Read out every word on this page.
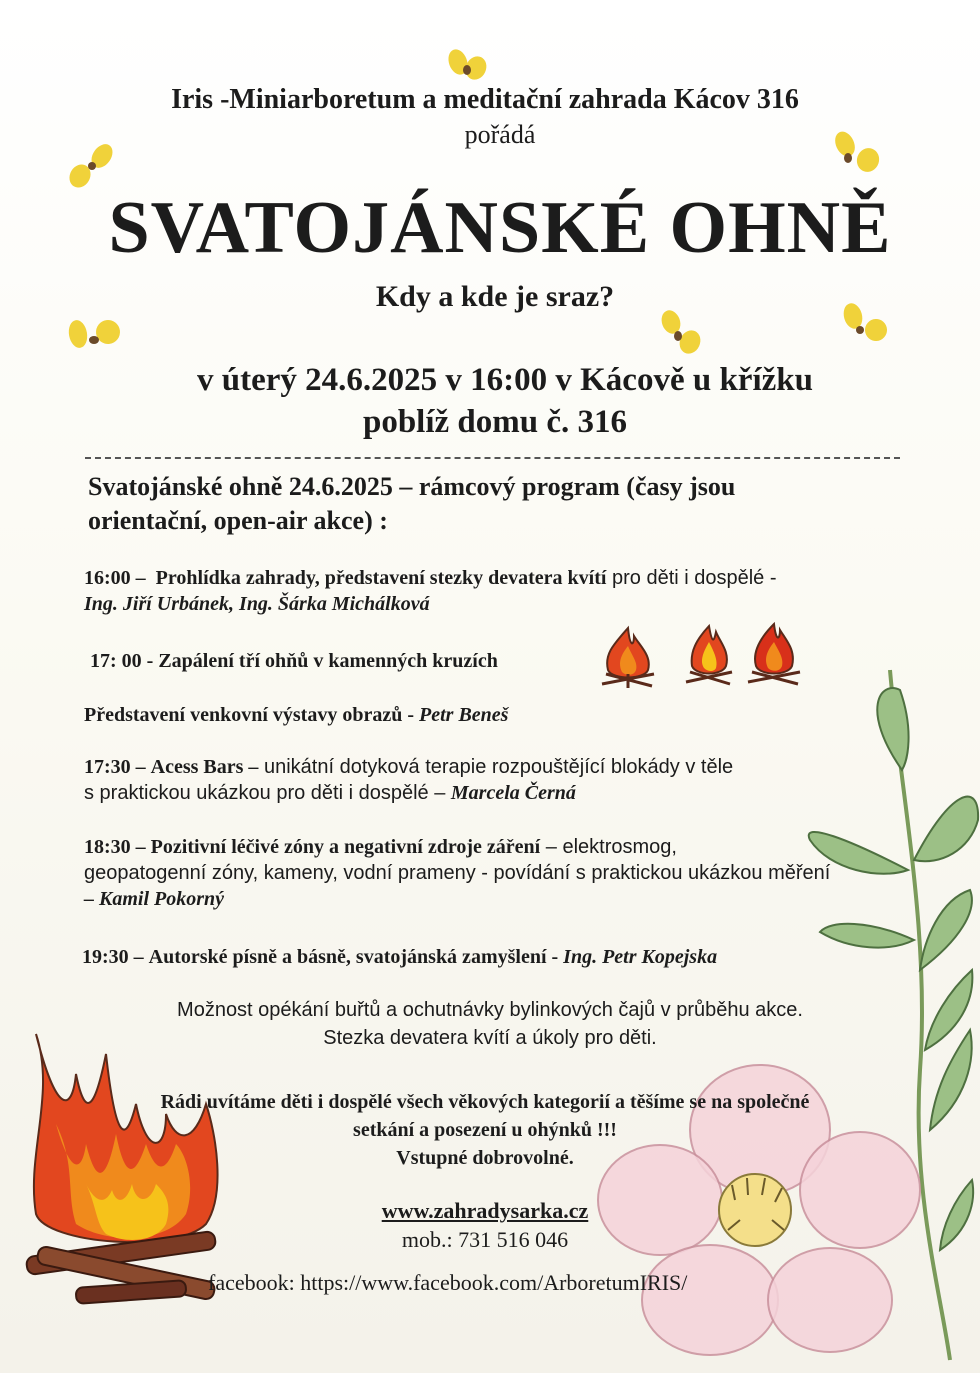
Iris -Miniarboretum a meditační zahrada Kácov 316
pořádá
SVATOJÁNSKÉ OHNĚ
Kdy a kde je sraz?
v úterý 24.6.2025 v 16:00 v Kácově u křížku
poblíž domu č. 316
Svatojánské ohně 24.6.2025 – rámcový program (časy jsou
orientační, open-air akce) :
16:00 – Prohlídka zahrady, představení stezky devatera kvítí pro děti i dospělé -
Ing. Jiří Urbánek, Ing. Šárka Michálková
17: 00 - Zapálení tří ohňů v kamenných kruzích
Představení venkovní výstavy obrazů - Petr Beneš
17:30 – Acess Bars – unikátní dotyková terapie rozpouštějící blokády v těle
s praktickou ukázkou pro děti i dospělé – Marcela Černá
18:30 – Pozitivní léčivé zóny a negativní zdroje záření – elektrosmog,
geopatogenní zóny, kameny, vodní prameny - povídání s praktickou ukázkou měření
– Kamil Pokorný
19:30 – Autorské písně a básně, svatojánská zamyšlení - Ing. Petr Kopejska
Možnost opékání buřtů a ochutnávky bylinkových čajů v průběhu akce.
Stezka devatera kvítí a úkoly pro děti.
Rádi uvítáme děti i dospělé všech věkových kategorií a těšíme se na společné
setkání a posezení u ohýnků !!!
Vstupné dobrovolné.
www.zahradysarka.cz
mob.: 731 516 046
facebook: https://www.facebook.com/ArboretumIRIS/
